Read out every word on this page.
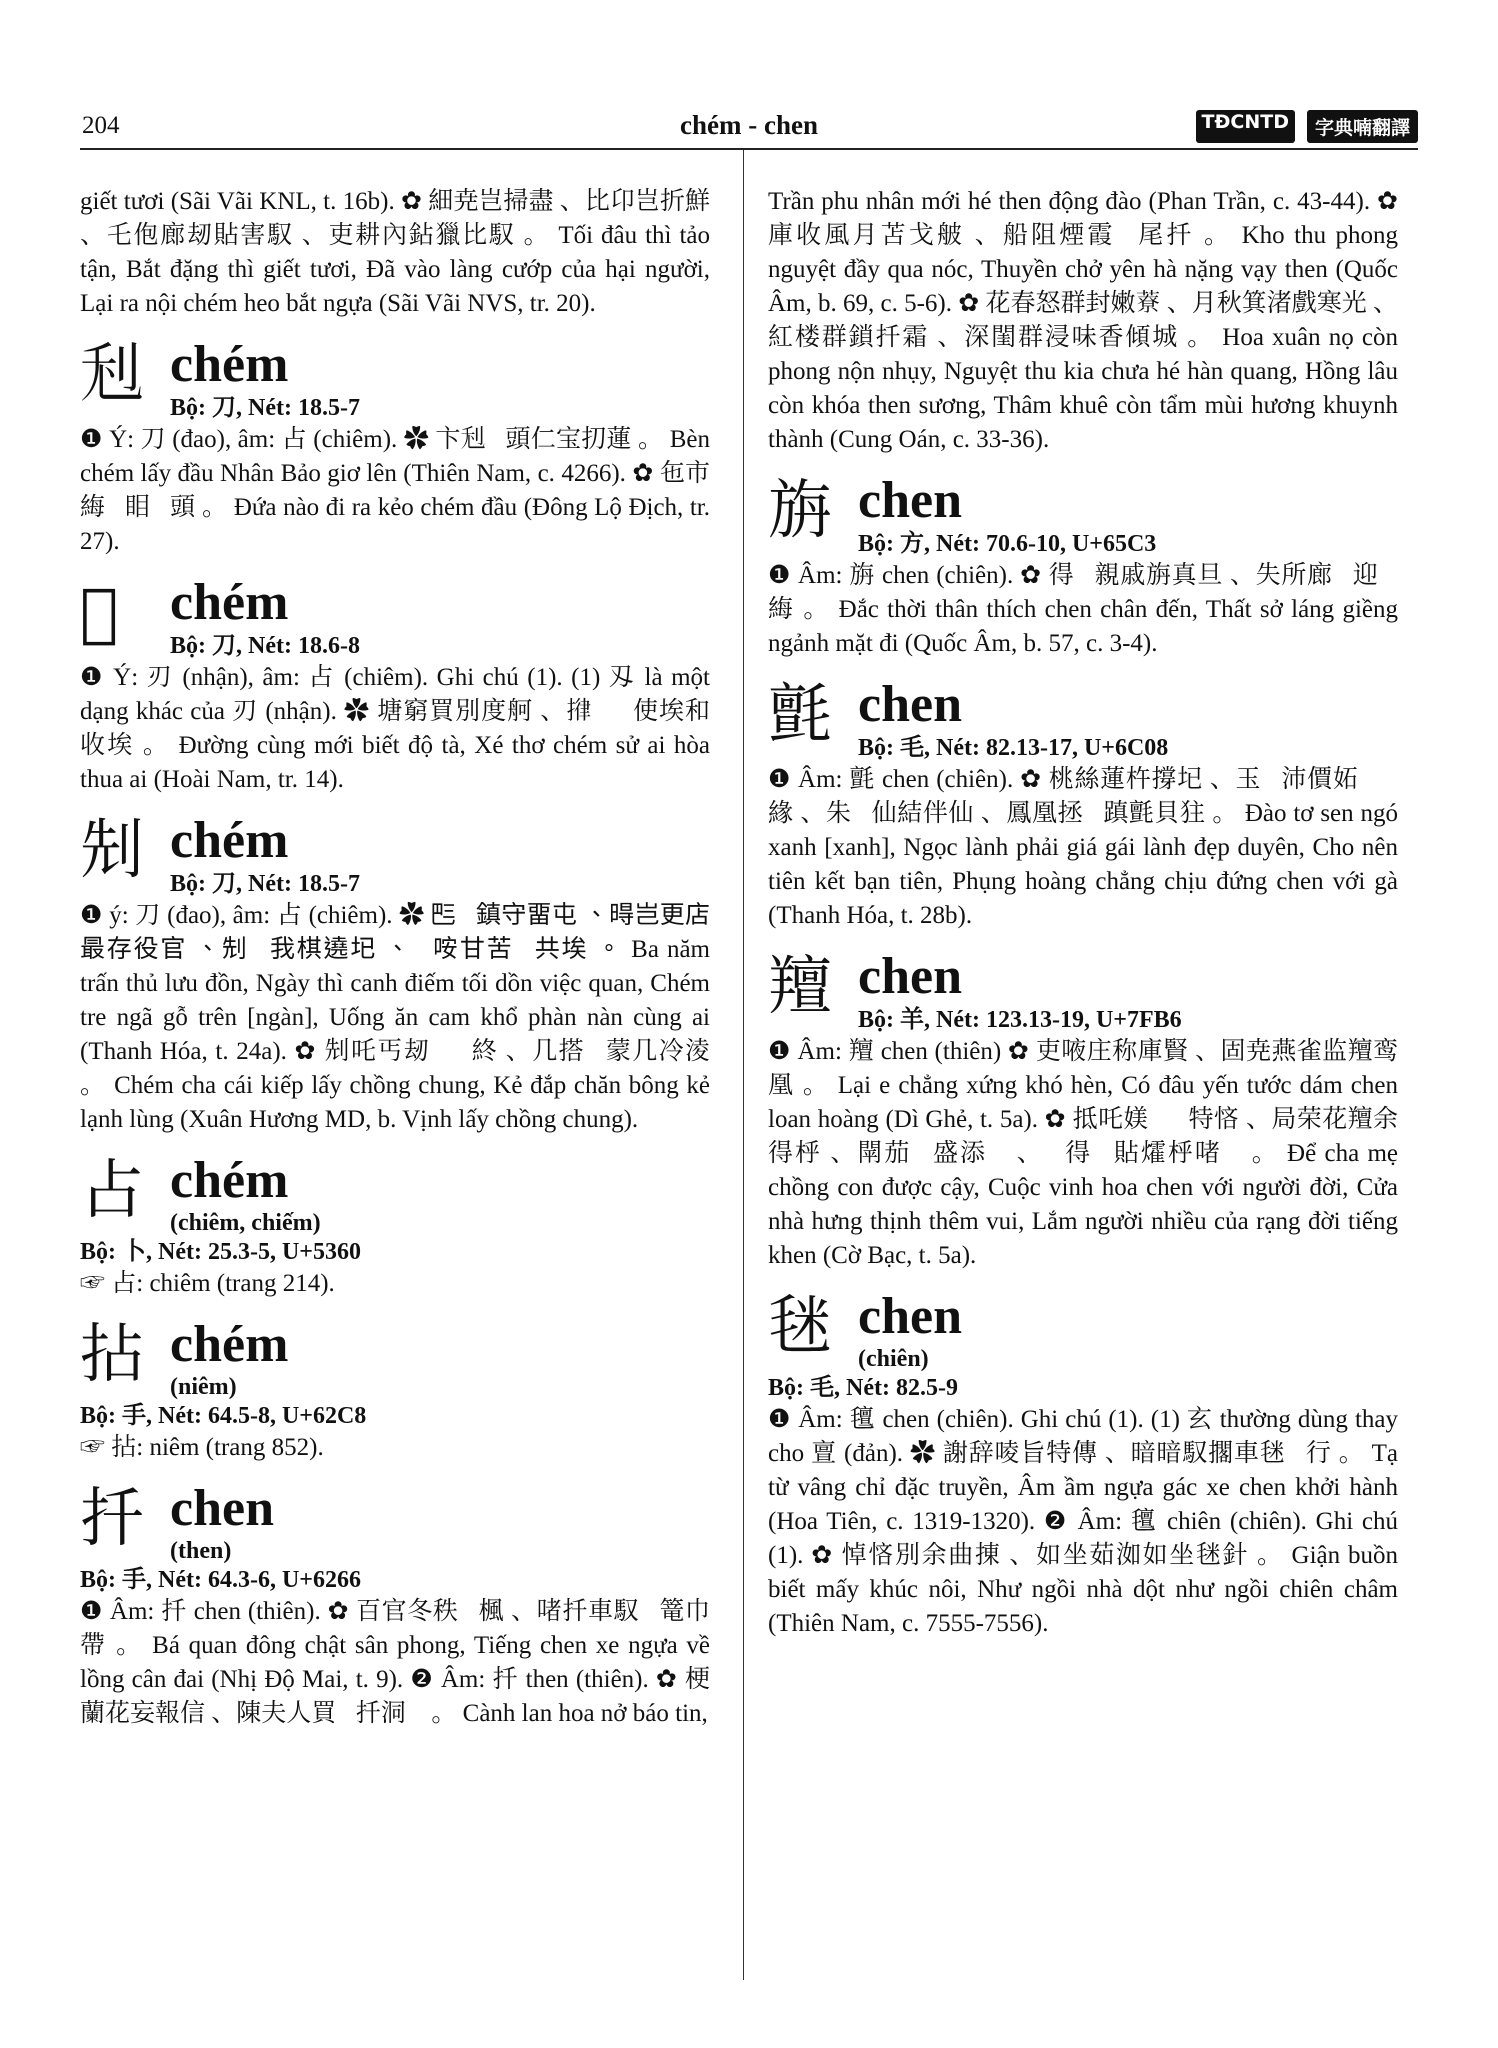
204	chém - chen	TĐCNTD	字典喃翻譯

giết tươi (Sãi Vãi KNL, t. 16b). ✿ 細尭岂掃盡 、比卬岂折鮮 、乇佨廊刼貼害馭 、吏耕內鉆獵比馭 。 Tối đâu thì tảo tận, Bắt đặng thì giết tươi, Đã vào làng cướp của hại người, Lại ra nội chém heo bắt ngựa (Sãi Vãi NVS, tr. 20).

𠛦 chém
Bộ: 刀, Nét: 18.5-7

❶ Ý: 刀 (đao), âm: 占 (chiêm). ✿ 卞𠛦𧡊頭仁宝㧅蓮 。 Bèn chém lấy đầu Nhân Bảo giơ lên (Thiên Nam, c. 4266). ✿ 㐌市䋦𦖑䀠𠛦頭 。 Đứa nào đi ra kẻo chém đầu (Đông Lộ Địch, tr. 27).

𠜋 chém
Bộ: 刀, Nét: 18.6-8

❶ Ý: 刃 (nhận), âm: 占 (chiêm). Ghi chú (1). (1) 刄 là một dạng khác của 刃 (nhận). ✿ 塘窮買別度舸 、𢯰𥿂𠜋使埃和收埃 。 Đường cùng mới biết độ tà, Xé thơ chém sử ai hòa thua ai (Hoài Nam, tr. 14).

𠜎 chém
Bộ: 刀, Nét: 18.5-7

❶ ý: 刀 (đao), âm: 占 (chiêm). ✿ 𠀧𢆥鎮守畱屯 、𣈜岂更店最存役官 、𠜎𣘃我棋遶𡉏 、𠹾咹甘苦𡂽共埃 。 Ba năm trấn thủ lưu đồn, Ngày thì canh điếm tối dồn việc quan, Chém tre ngã gỗ trên [ngàn], Uống ăn cam khổ phàn nàn cùng ai (Thanh Hóa, t. 24a). ✿ 𠜎吒丐刼𧡊𠶆終 、几搭𧜖蒙几冷淩 。 Chém cha cái kiếp lấy chồng chung, Kẻ đắp chăn bông kẻ lạnh lùng (Xuân Hương MD, b. Vịnh lấy chồng chung).

占 chém
(chiêm, chiếm)
Bộ: 卜, Nét: 25.3-5, U+5360

☞ 占: chiêm (trang 214).

拈 chém
(niêm)
Bộ: 手, Nét: 64.5-8, U+62C8

☞ 拈: niêm (trang 852).

扦 chen
(then)
Bộ: 手, Nét: 64.3-6, U+6266

❶ Âm: 扦 chen (thiên). ✿ 百官冬秩𡏦楓 、啫扦車馭𡉣篭巾帶 。 Bá quan đông chật sân phong, Tiếng chen xe ngựa về lồng cân đai (Nhị Độ Mai, t. 9). ❷ Âm: 扦 then (thiên). ✿ 梗蘭花妄報信 、陳夫人買𢷀扦洞𥨪 。 Cành lan hoa nở báo tin,

Trần phu nhân mới hé then động đào (Phan Trần, c. 43-44). ✿ 庫收風月苫戈𦨭 、船阻煙霞𥕄尾扦 。 Kho thu phong nguyệt đầy qua nóc, Thuyền chở yên hà nặng vạy then (Quốc Âm, b. 69, c. 5-6). ✿ 花春怒群封嫩𦼔 、月秋箕渚戲寒光 、紅楼群鎖扦霜 、深閨群浸味香傾城 。 Hoa xuân nọ còn phong nộn nhụy, Nguyệt thu kia chưa hé hàn quang, Hồng lâu còn khóa then sương, Thâm khuê còn tẩm mùi hương khuynh thành (Cung Oán, c. 33-36).

旃 chen
Bộ: 方, Nét: 70.6-10, U+65C3

❶ Âm: 旃 chen (chiên). ✿ 得𣇞親戚旃真旦 、失所廊𥁑迎𣘃䋦 。 Đắc thời thân thích chen chân đến, Thất sở láng giềng ngảnh mặt đi (Quốc Âm, b. 57, c. 3-4).

氈 chen
Bộ: 毛, Nét: 82.13-17, U+6C08

❶ Âm: 氈 chen (chiên). ✿ 桃絲蓮杵撐𡉏 、玉𨫊沛價妬𨫊𦀊緣 、朱𢧚仙結伴仙 、鳳凰拯𦑃蹎氈貝㹥 。 Đào tơ sen ngó xanh [xanh], Ngọc lành phải giá gái lành đẹp duyên, Cho nên tiên kết bạn tiên, Phụng hoàng chẳng chịu đứng chen với gà (Thanh Hóa, t. 28b).

羶 chen
Bộ: 羊, Nét: 123.13-19, U+7FB6

❶ Âm: 羶 chen (thiên) ✿ 吏㖡庄称庫賢 、固尭燕雀监羶鸾凰 。 Lại e chẳng xứng khó hèn, Có đâu yến tước dám chen loan hoàng (Dì Ghẻ, t. 5a). ✿ 抵吒媄𤳆𢫝特悋 、局荣花羶余得㭔 、閛茄𥙩盛添𢠩 、𡗋得𡖡貼㸌㭔啫𠱊 。 Để cha mẹ chồng con được cậy, Cuộc vinh hoa chen với người đời, Cửa nhà hưng thịnh thêm vui, Lắm người nhiều của rạng đời tiếng khen (Cờ Bạc, t. 5a).

毩 chen
(chiên)
Bộ: 毛, Nét: 82.5-9

❶ Âm: 氊 chen (chiên). Ghi chú (1). (1) 玄 thường dùng thay cho 亶 (đản). ✿ 謝辞㖫旨特傳 、暗暗馭擱車毩𢲧行 。 Tạ từ vâng chỉ đặc truyền, Âm ầm ngựa gác xe chen khởi hành (Hoa Tiên, c. 1319-1320). ❷ Âm: 氊 chiên (chiên). Ghi chú (1). ✿ 悼悋別余曲㨂 、如坐茹洳如坐毩針 。 Giận buồn biết mấy khúc nôi, Như ngồi nhà dột như ngồi chiên châm (Thiên Nam, c. 7555-7556).
